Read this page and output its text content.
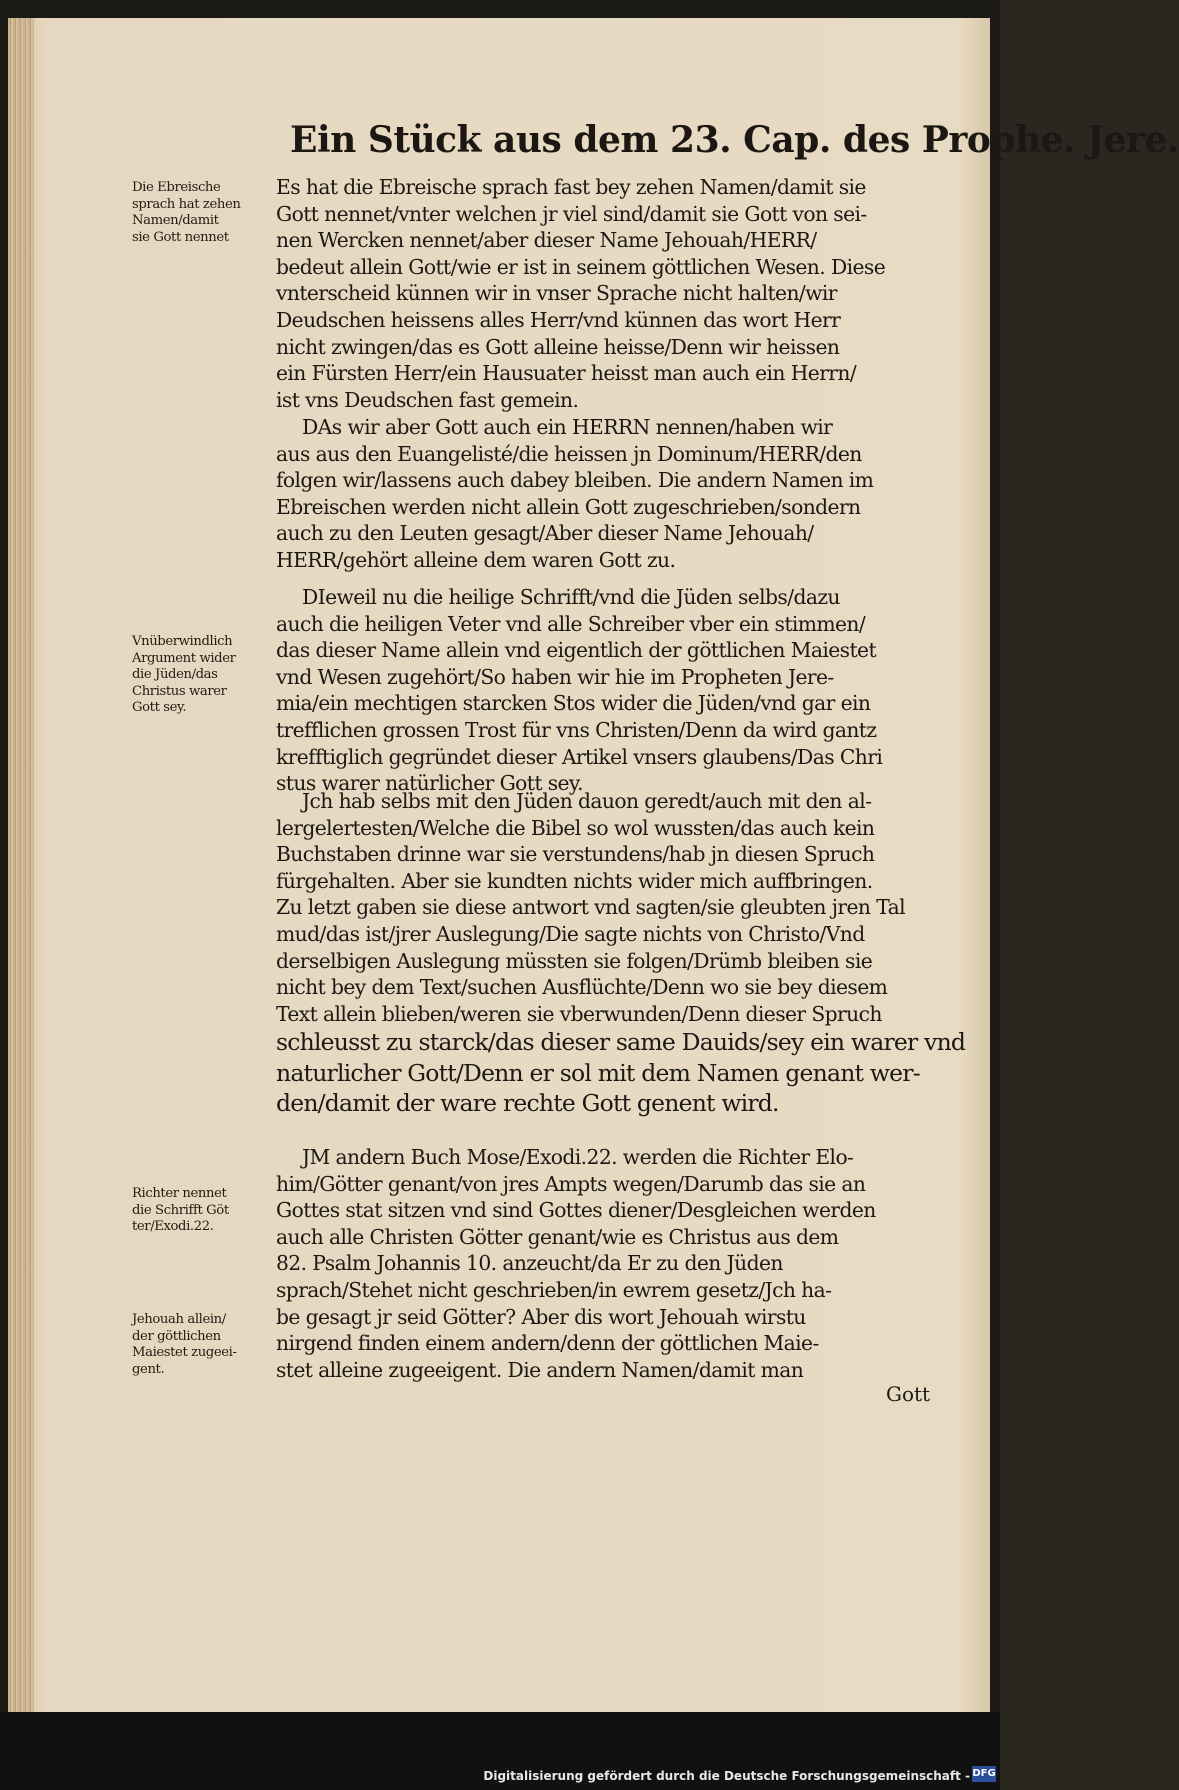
Ein Stück aus dem 23. Cap. des Prophe. Jere.
Die Ebreische
sprach hat zehen
Namen/damit
sie Gott nennet
Vnüberwindlich
Argument wider
die Jüden/das
Christus warer
Gott sey.
Richter nennet
die Schrifft Göt
ter/Exodi.22.
Jehouah allein/
der göttlichen
Maiestet zugeei-
gent.
Es hat die Ebreische sprach fast bey zehen Namen/damit sie
Gott nennet/vnter welchen jr viel sind/damit sie Gott von sei-
nen Wercken nennet/aber dieser Name Jehouah/HERR/
bedeut allein Gott/wie er ist in seinem göttlichen Wesen. Diese
vnterscheid künnen wir in vnser Sprache nicht halten/wir
Deudschen heissens alles Herr/vnd künnen das wort Herr
nicht zwingen/das es Gott alleine heisse/Denn wir heissen
ein Fürsten Herr/ein Hausuater heisst man auch ein Herrn/
ist vns Deudschen fast gemein.
DAs wir aber Gott auch ein HERRN nennen/haben wir
aus aus den Euangelisté/die heissen jn Dominum/HERR/den
folgen wir/lassens auch dabey bleiben. Die andern Namen im
Ebreischen werden nicht allein Gott zugeschrieben/sondern
auch zu den Leuten gesagt/Aber dieser Name Jehouah/
HERR/gehört alleine dem waren Gott zu.
DIeweil nu die heilige Schrifft/vnd die Jüden selbs/dazu
auch die heiligen Veter vnd alle Schreiber vber ein stimmen/
das dieser Name allein vnd eigentlich der göttlichen Maiestet
vnd Wesen zugehört/So haben wir hie im Propheten Jere-
mia/ein mechtigen starcken Stos wider die Jüden/vnd gar ein
trefflichen grossen Trost für vns Christen/Denn da wird gantz
krefftiglich gegründet dieser Artikel vnsers glaubens/Das Chri
stus warer natürlicher Gott sey.
Jch hab selbs mit den Jüden dauon geredt/auch mit den al-
lergelertesten/Welche die Bibel so wol wussten/das auch kein
Buchstaben drinne war sie verstundens/hab jn diesen Spruch
fürgehalten. Aber sie kundten nichts wider mich auffbringen.
Zu letzt gaben sie diese antwort vnd sagten/sie gleubten jren Tal
mud/das ist/jrer Auslegung/Die sagte nichts von Christo/Vnd
derselbigen Auslegung müssten sie folgen/Drümb bleiben sie
nicht bey dem Text/suchen Ausflüchte/Denn wo sie bey diesem
Text allein blieben/weren sie vberwunden/Denn dieser Spruch
schleusst zu starck/das dieser same Dauids/sey ein warer vnd
naturlicher Gott/Denn er sol mit dem Namen genant wer-
den/damit der ware rechte Gott genent wird.
JM andern Buch Mose/Exodi.22. werden die Richter Elo-
him/Götter genant/von jres Ampts wegen/Darumb das sie an
Gottes stat sitzen vnd sind Gottes diener/Desgleichen werden
auch alle Christen Götter genant/wie es Christus aus dem
82. Psalm Johannis 10. anzeucht/da Er zu den Jüden
sprach/Stehet nicht geschrieben/in ewrem gesetz/Jch ha-
be gesagt jr seid Götter? Aber dis wort Jehouah wirstu
nirgend finden einem andern/denn der göttlichen Maie-
stet alleine zugeeigent. Die andern Namen/damit man
Gott
Digitalisierung gefördert durch die Deutsche Forschungsgemeinschaft - DFG
